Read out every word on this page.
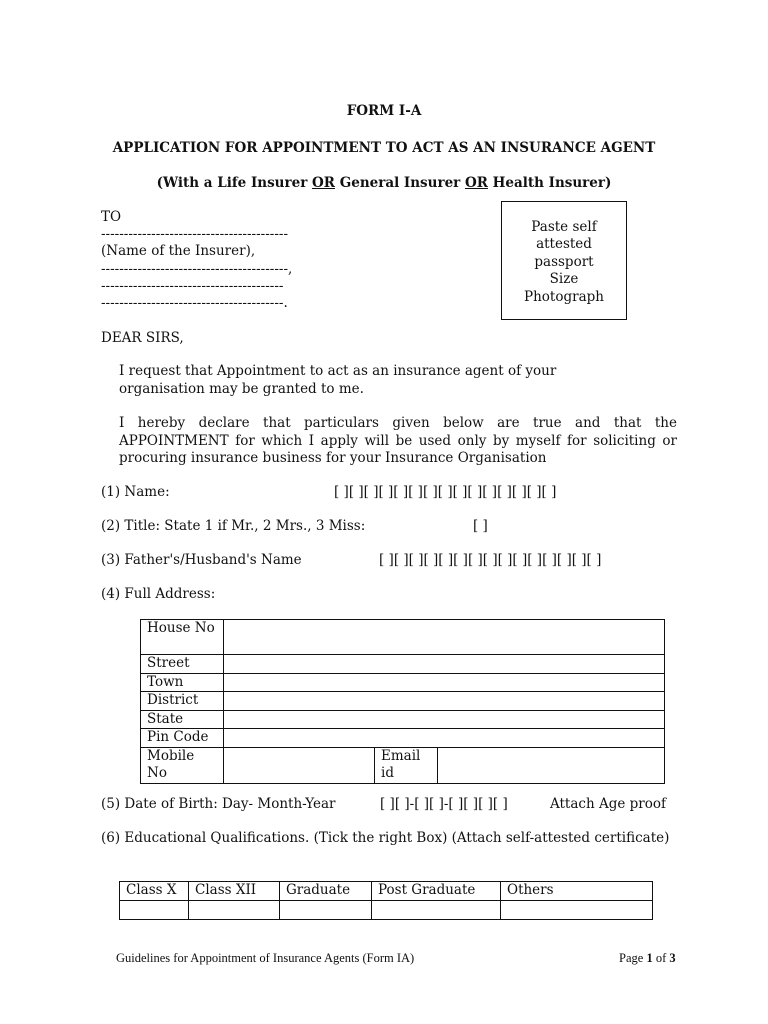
FORM I-A
APPLICATION FOR APPOINTMENT TO ACT AS AN INSURANCE AGENT
(With a Life Insurer OR General Insurer OR Health Insurer)
TO
-----------------------------------------
(Name of the Insurer),
-----------------------------------------,
----------------------------------------
----------------------------------------.
Paste self
attested
passport
Size
Photograph
DEAR SIRS,
I request that Appointment to act as an insurance agent of your organisation may be granted to me.
I hereby declare that particulars given below are true and that the APPOINTMENT for which I apply will be used only by myself for soliciting or procuring insurance business for your Insurance Organisation
(1) Name:	[ ][ ][ ][ ][ ][ ][ ][ ][ ][ ][ ][ ][ ][ ][ ]
(2) Title: State 1 if Mr., 2 Mrs., 3 Miss:	[ ]
(3) Father's/Husband's Name	[ ][ ][ ][ ][ ][ ][ ][ ][ ][ ][ ][ ][ ][ ][ ]
(4) Full Address:
House No			
Street			
Town			
District			
State			
Pin Code			
Mobile No		Email id	
(5) Date of Birth: Day- Month-Year	[ ][ ]-[ ][ ]-[ ][ ][ ][ ]	Attach Age proof
(6) Educational Qualifications. (Tick the right Box) (Attach self-attested certificate)
Class X	Class XII	Graduate	Post Graduate	Others

Guidelines for Appointment of Insurance Agents (Form IA)	Page 1 of 3
